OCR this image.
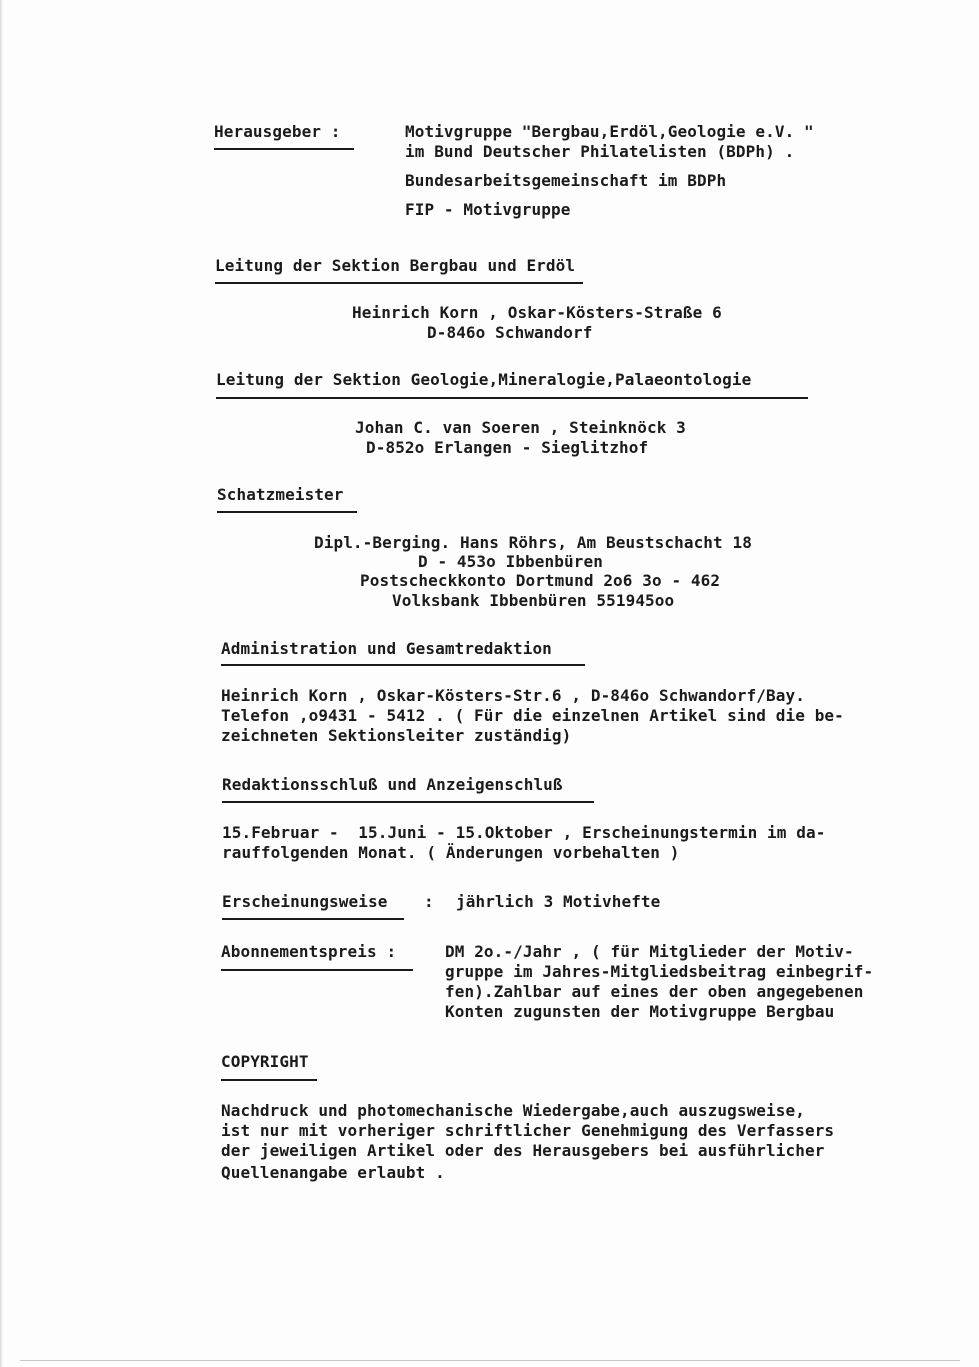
Herausgeber :	Motivgruppe "Bergbau,Erdöl,Geologie e.V. "
im Bund Deutscher Philatelisten (BDPh) .
Bundesarbeitsgemeinschaft im BDPh
FIP - Motivgruppe
Leitung der Sektion Bergbau und Erdöl
Heinrich Korn , Oskar-Kösters-Straße 6
D-846o Schwandorf
Leitung der Sektion Geologie,Mineralogie,Palaeontologie
Johan C. van Soeren , Steinknöck 3
D-852o Erlangen - Sieglitzhof
Schatzmeister
Dipl.-Berging. Hans Röhrs, Am Beustschacht 18
D - 453o Ibbenbüren
Postscheckkonto Dortmund 2o6 3o - 462
Volksbank Ibbenbüren 551945oo
Administration und Gesamtredaktion
Heinrich Korn , Oskar-Kösters-Str.6 , D-846o Schwandorf/Bay.
Telefon ,o9431 - 5412 . ( Für die einzelnen Artikel sind die be-
zeichneten Sektionsleiter zuständig)
Redaktionsschluß und Anzeigenschluß
15.Februar -  15.Juni - 15.Oktober , Erscheinungstermin im da-
rauffolgenden Monat. ( Änderungen vorbehalten )
Erscheinungsweise : jährlich 3 Motivhefte
Abonnementspreis :	DM 2o.-/Jahr , ( für Mitglieder der Motiv-
gruppe im Jahres-Mitgliedsbeitrag einbegrif-
fen).Zahlbar auf eines der oben angegebenen
Konten zugunsten der Motivgruppe Bergbau
COPYRIGHT
Nachdruck und photomechanische Wiedergabe,auch auszugsweise,
ist nur mit vorheriger schriftlicher Genehmigung des Verfassers
der jeweiligen Artikel oder des Herausgebers bei ausführlicher
Quellenangabe erlaubt .
